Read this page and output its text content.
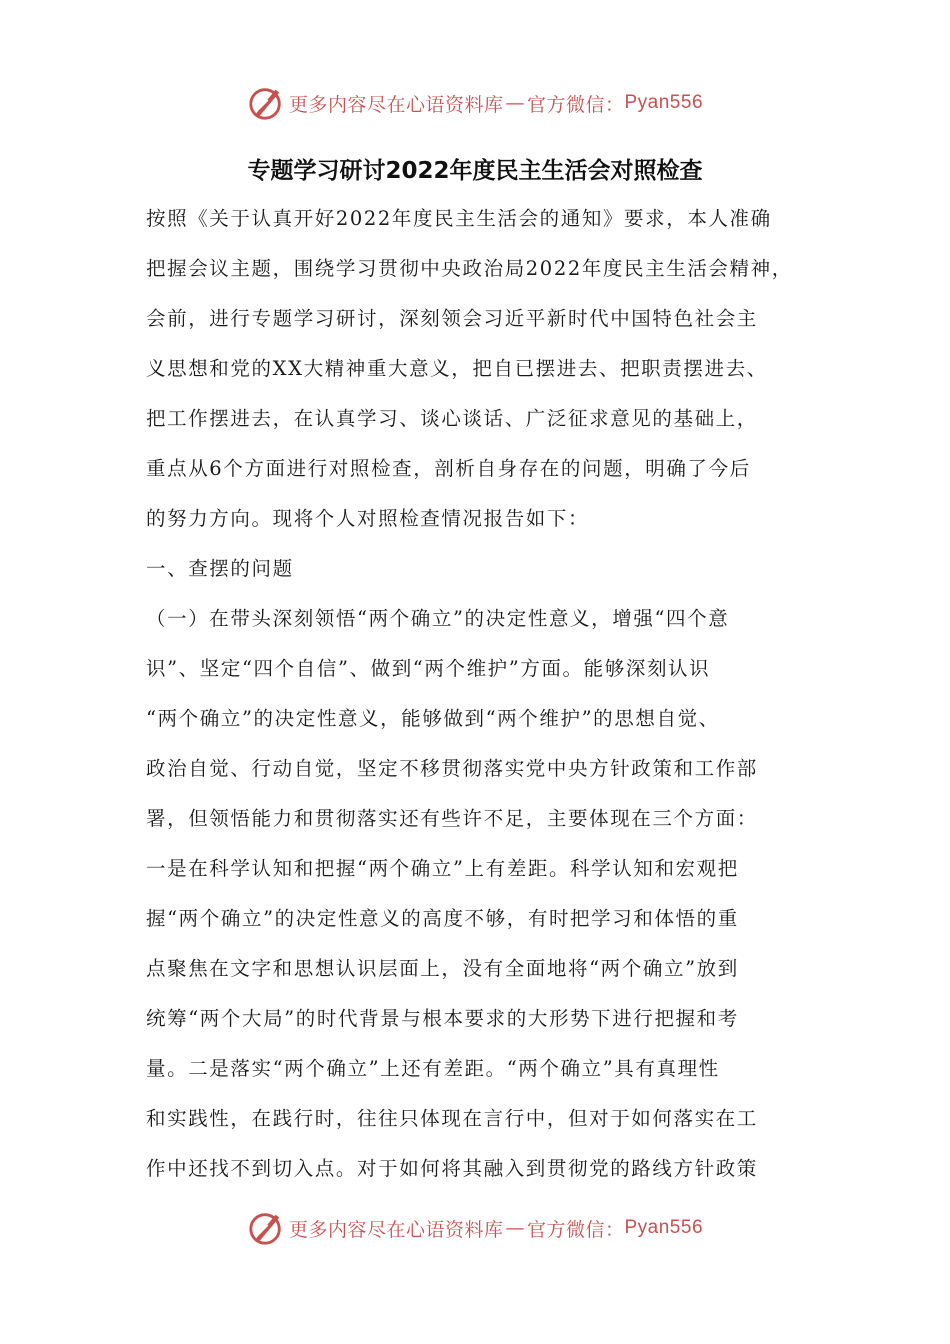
更多内容尽在心语资料库 — 官方微信： Pyan556
专题学习研讨2022年度民主生活会对照检查

按照《关于认真开好2022年度民主生活会的通知》要求，本人准确

把握会议主题，围绕学习贯彻中央政治局2022年度民主生活会精神，

会前，进行专题学习研讨，深刻领会习近平新时代中国特色社会主

义思想和党的XX大精神重大意义，把自已摆进去、把职责摆进去、

把工作摆进去，在认真学习、谈心谈话、广泛征求意见的基础上，

重点从6个方面进行对照检查，剖析自身存在的问题，明确了今后

的努力方向。现将个人对照检查情况报告如下：

一、查摆的问题

（一）在带头深刻领悟“两个确立”的决定性意义，增强“四个意

识”、坚定“四个自信”、做到“两个维护”方面。能够深刻认识

“两个确立”的决定性意义，能够做到“两个维护”的思想自觉、

政治自觉、行动自觉，坚定不移贯彻落实党中央方针政策和工作部

署，但领悟能力和贯彻落实还有些许不足，主要体现在三个方面：

一是在科学认知和把握“两个确立”上有差距。科学认知和宏观把

握“两个确立”的决定性意义的高度不够，有时把学习和体悟的重

点聚焦在文字和思想认识层面上，没有全面地将“两个确立”放到

统筹“两个大局”的时代背景与根本要求的大形势下进行把握和考

量。二是落实“两个确立”上还有差距。“两个确立”具有真理性

和实践性，在践行时，往往只体现在言行中，但对于如何落实在工

作中还找不到切入点。对于如何将其融入到贯彻党的路线方针政策

更多内容尽在心语资料库 — 官方微信： Pyan556
